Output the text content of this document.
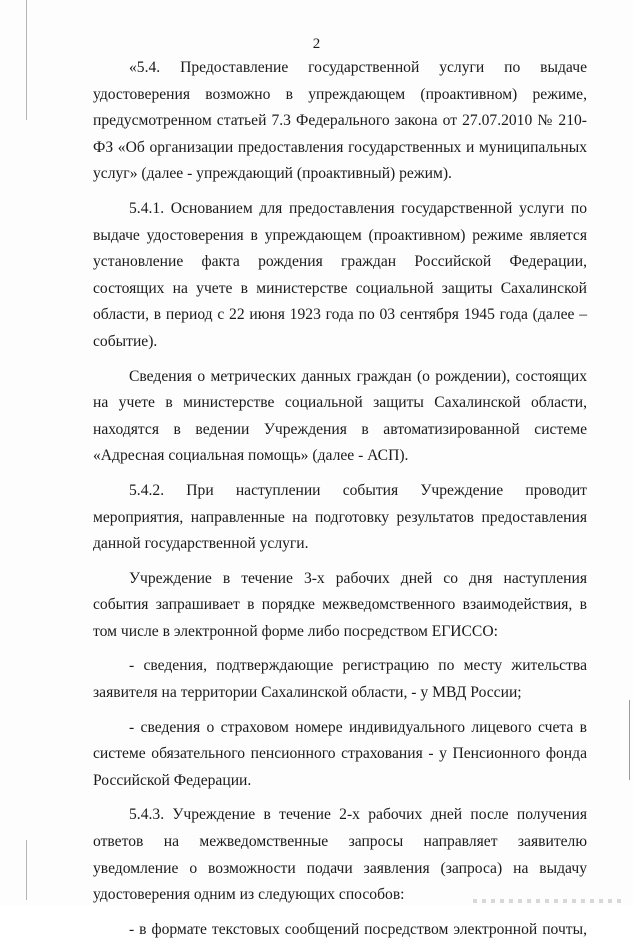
2

«5.4. Предоставление государственной услуги по выдаче удостоверения возможно в упреждающем (проактивном) режиме, предусмотренном статьей 7.3 Федерального закона от 27.07.2010 № 210-ФЗ «Об организации предоставления государственных и муниципальных услуг» (далее - упреждающий (проактивный) режим).

5.4.1. Основанием для предоставления государственной услуги по выдаче удостоверения в упреждающем (проактивном) режиме является установление факта рождения граждан Российской Федерации, состоящих на учете в министерстве социальной защиты Сахалинской области, в период с 22 июня 1923 года по 03 сентября 1945 года (далее – событие).

Сведения о метрических данных граждан (о рождении), состоящих на учете в министерстве социальной защиты Сахалинской области, находятся в ведении Учреждения в автоматизированной системе «Адресная социальная помощь» (далее - АСП).

5.4.2. При наступлении события Учреждение проводит мероприятия, направленные на подготовку результатов предоставления данной государственной услуги.

Учреждение в течение 3-х рабочих дней со дня наступления события запрашивает в порядке межведомственного взаимодействия, в том числе в электронной форме либо посредством ЕГИССО:

- сведения, подтверждающие регистрацию по месту жительства заявителя на территории Сахалинской области, - у МВД России;

- сведения о страховом номере индивидуального лицевого счета в системе обязательного пенсионного страхования - у Пенсионного фонда Российской Федерации.

5.4.3. Учреждение в течение 2-х рабочих дней после получения ответов на межведомственные запросы направляет заявителю уведомление о возможности подачи заявления (запроса) на выдачу удостоверения одним из следующих способов:

- в формате текстовых сообщений посредством электронной почты,
